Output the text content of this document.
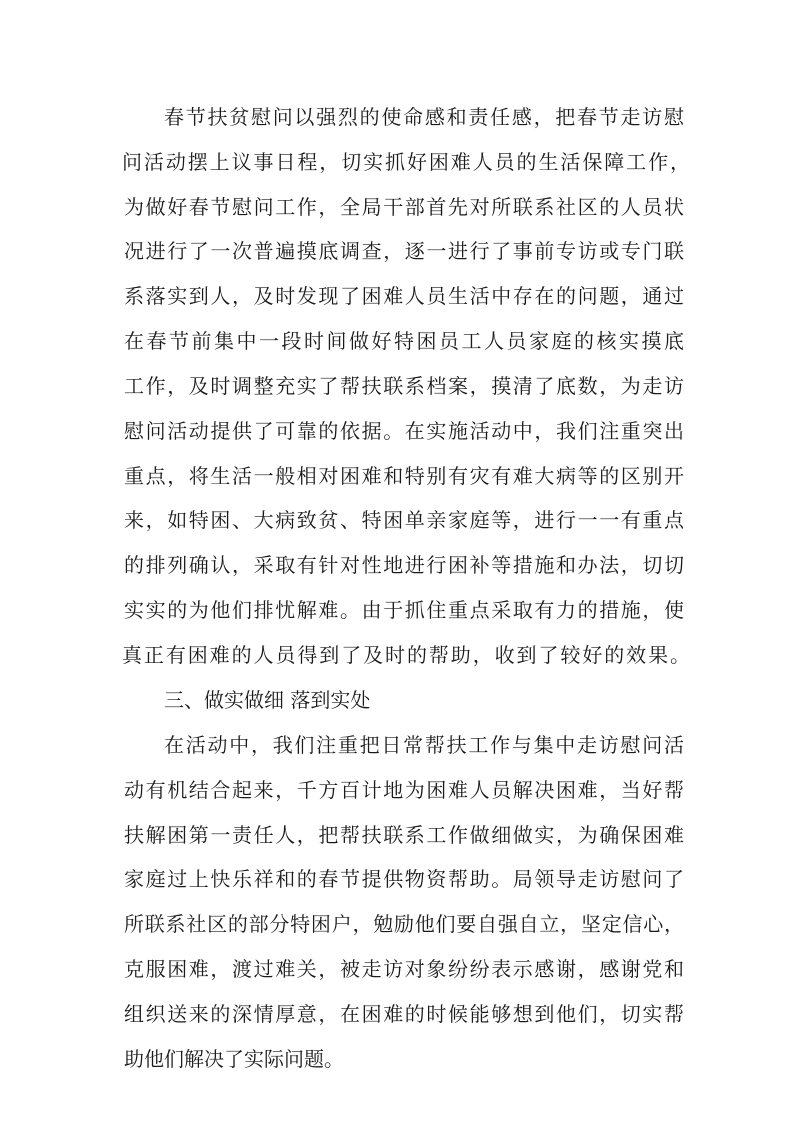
春节扶贫慰问以强烈的使命感和责任感，把春节走访慰
问活动摆上议事日程，切实抓好困难人员的生活保障工作，
为做好春节慰问工作，全局干部首先对所联系社区的人员状
况进行了一次普遍摸底调查，逐一进行了事前专访或专门联
系落实到人，及时发现了困难人员生活中存在的问题，通过
在春节前集中一段时间做好特困员工人员家庭的核实摸底
工作，及时调整充实了帮扶联系档案，摸清了底数，为走访
慰问活动提供了可靠的依据。在实施活动中，我们注重突出
重点，将生活一般相对困难和特别有灾有难大病等的区别开
来，如特困、大病致贫、特困单亲家庭等，进行一一有重点
的排列确认，采取有针对性地进行困补等措施和办法，切切
实实的为他们排忧解难。由于抓住重点采取有力的措施，使
真正有困难的人员得到了及时的帮助，收到了较好的效果。
三、做实做细 落到实处
在活动中，我们注重把日常帮扶工作与集中走访慰问活
动有机结合起来，千方百计地为困难人员解决困难，当好帮
扶解困第一责任人，把帮扶联系工作做细做实，为确保困难
家庭过上快乐祥和的春节提供物资帮助。局领导走访慰问了
所联系社区的部分特困户，勉励他们要自强自立，坚定信心，
克服困难，渡过难关，被走访对象纷纷表示感谢，感谢党和
组织送来的深情厚意，在困难的时候能够想到他们，切实帮
助他们解决了实际问题。
